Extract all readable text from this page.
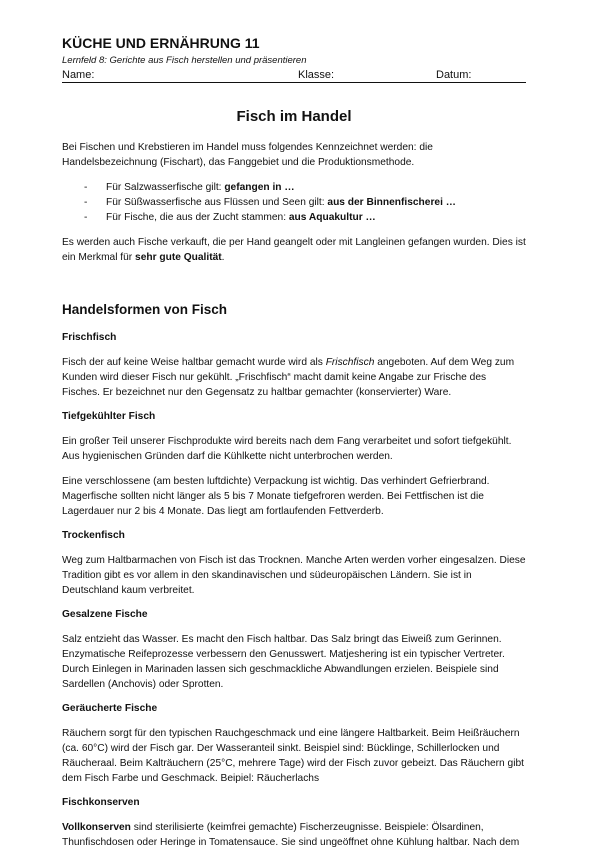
KÜCHE UND ERNÄHRUNG 11
Lernfeld 8: Gerichte aus Fisch herstellen und präsentieren
Name:	Klasse:	Datum:
Fisch im Handel

Bei Fischen und Krebstieren im Handel muss folgendes Kennzeichnet werden: die Handelsbezeichnung (Fischart), das Fanggebiet und die Produktionsmethode.

- Für Salzwasserfische gilt: gefangen in …
- Für Süßwasserfische aus Flüssen und Seen gilt: aus der Binnenfischerei …
- Für Fische, die aus der Zucht stammen: aus Aquakultur …

Es werden auch Fische verkauft, die per Hand geangelt oder mit Langleinen gefangen wurden. Dies ist ein Merkmal für sehr gute Qualität.

Handelsformen von Fisch
Frischfisch

Fisch der auf keine Weise haltbar gemacht wurde wird als Frischfisch angeboten. Auf dem Weg zum Kunden wird dieser Fisch nur gekühlt. „Frischfisch“ macht damit keine Angabe zur Frische des Fisches. Er bezeichnet nur den Gegensatz zu haltbar gemachter (konservierter) Ware.

Tiefgekühlter Fisch

Ein großer Teil unserer Fischprodukte wird bereits nach dem Fang verarbeitet und sofort tiefgekühlt. Aus hygienischen Gründen darf die Kühlkette nicht unterbrochen werden.

Eine verschlossene (am besten luftdichte) Verpackung ist wichtig. Das verhindert Gefrierbrand. Magerfische sollten nicht länger als 5 bis 7 Monate tiefgefroren werden. Bei Fettfischen ist die Lagerdauer nur 2 bis 4 Monate. Das liegt am fortlaufenden Fettverderb.

Trockenfisch

Weg zum Haltbarmachen von Fisch ist das Trocknen. Manche Arten werden vorher eingesalzen. Diese Tradition gibt es vor allem in den skandinavischen und südeuropäischen Ländern. Sie ist in Deutschland kaum verbreitet.

Gesalzene Fische

Salz entzieht das Wasser. Es macht den Fisch haltbar. Das Salz bringt das Eiweiß zum Gerinnen. Enzymatische Reifeprozesse verbessern den Genusswert. Matjeshering ist ein typischer Vertreter. Durch Einlegen in Marinaden lassen sich geschmackliche Abwandlungen erzielen. Beispiele sind Sardellen (Anchovis) oder Sprotten.

Geräucherte Fische

Räuchern sorgt für den typischen Rauchgeschmack und eine längere Haltbarkeit. Beim Heißräuchern (ca. 60°C) wird der Fisch gar. Der Wasseranteil sinkt. Beispiel sind: Bücklinge, Schillerlocken und Räucheraal. Beim Kalträuchern (25°C, mehrere Tage) wird der Fisch zuvor gebeizt. Das Räuchern gibt dem Fisch Farbe und Geschmack. Beipiel: Räucherlachs

Fischkonserven

Vollkonserven sind sterilisierte (keimfrei gemachte) Fischerzeugnisse. Beispiele: Ölsardinen, Thunfischdosen oder Heringe in Tomatensauce. Sie sind ungeöffnet ohne Kühlung haltbar. Nach dem
